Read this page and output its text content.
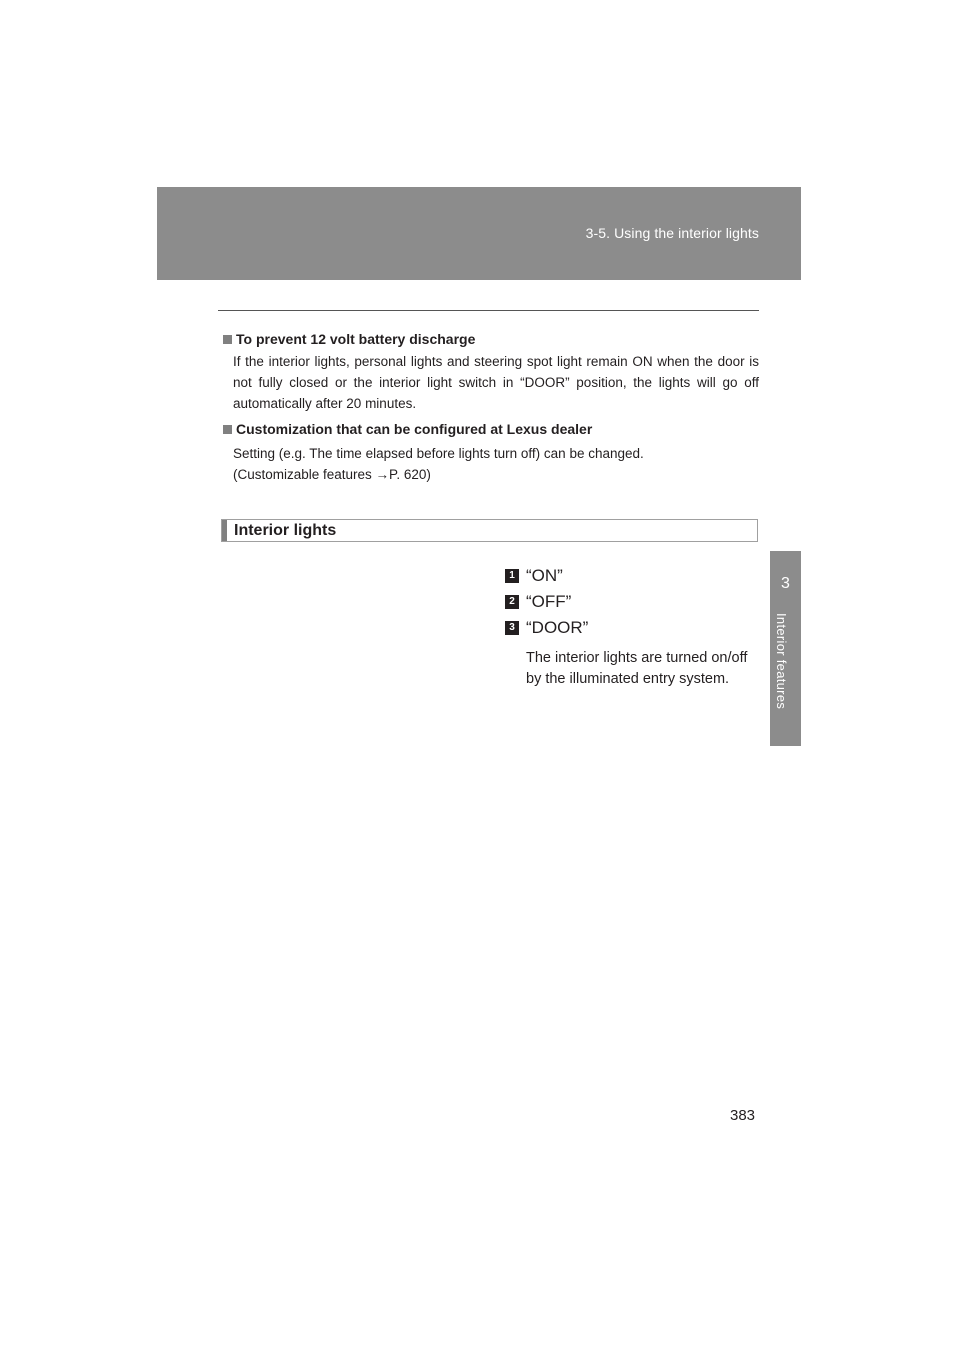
3-5. Using the interior lights
3
Interior features
To prevent 12 volt battery discharge
If the interior lights, personal lights and steering spot light remain ON when the door is not fully closed or the interior light switch in “DOOR” position, the lights will go off automatically after 20 minutes.
Customization that can be configured at Lexus dealer
Setting (e.g. The time elapsed before lights turn off) can be changed.
(Customizable features →P. 620)
Interior lights
1 “ON”
2 “OFF”
3 “DOOR”
The interior lights are turned on/off by the illuminated entry system.
383
